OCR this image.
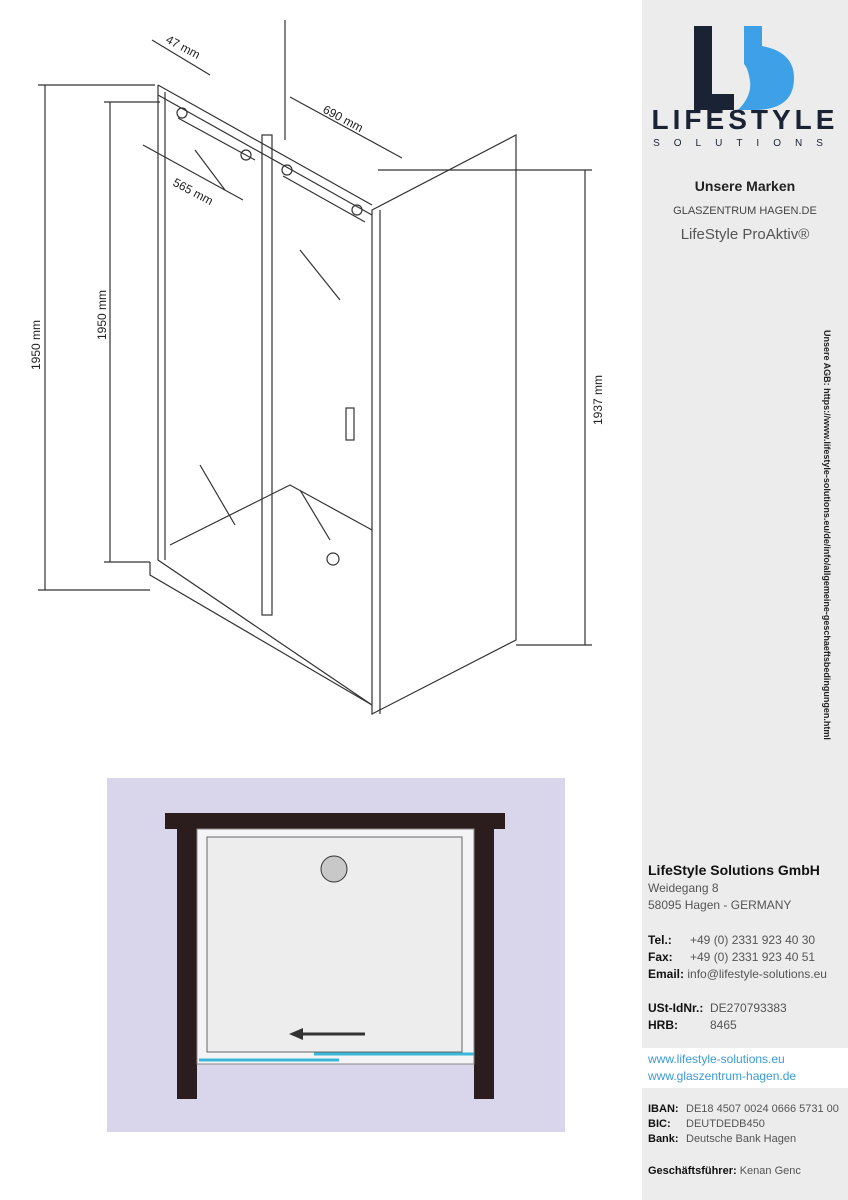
1950 mm
1950 mm
1937 mm
690 mm
565 mm
47 mm
LIFESTYLE
SOLUTIONS
Unsere Marken
GLASZENTRUM HAGEN.DE
LifeStyle ProAktiv®
Unsere AGB: https://www.lifestyle-solutions.eu/de/info/allgemeine-geschaeftsbedingungen.html
LifeStyle Solutions GmbH
Weidegang 8
58095 Hagen - GERMANY
Tel.: +49 (0) 2331 923 40 30
Fax: +49 (0) 2331 923 40 51
Email: info@lifestyle-solutions.eu
USt-IdNr.: DE270793383
HRB:	8465
www.lifestyle-solutions.eu
www.glaszentrum-hagen.de
IBAN: DE18 4507 0024 0666 5731 00
BIC: DEUTDEDB450
Bank: Deutsche Bank Hagen
Geschäftsführer: Kenan Genc
